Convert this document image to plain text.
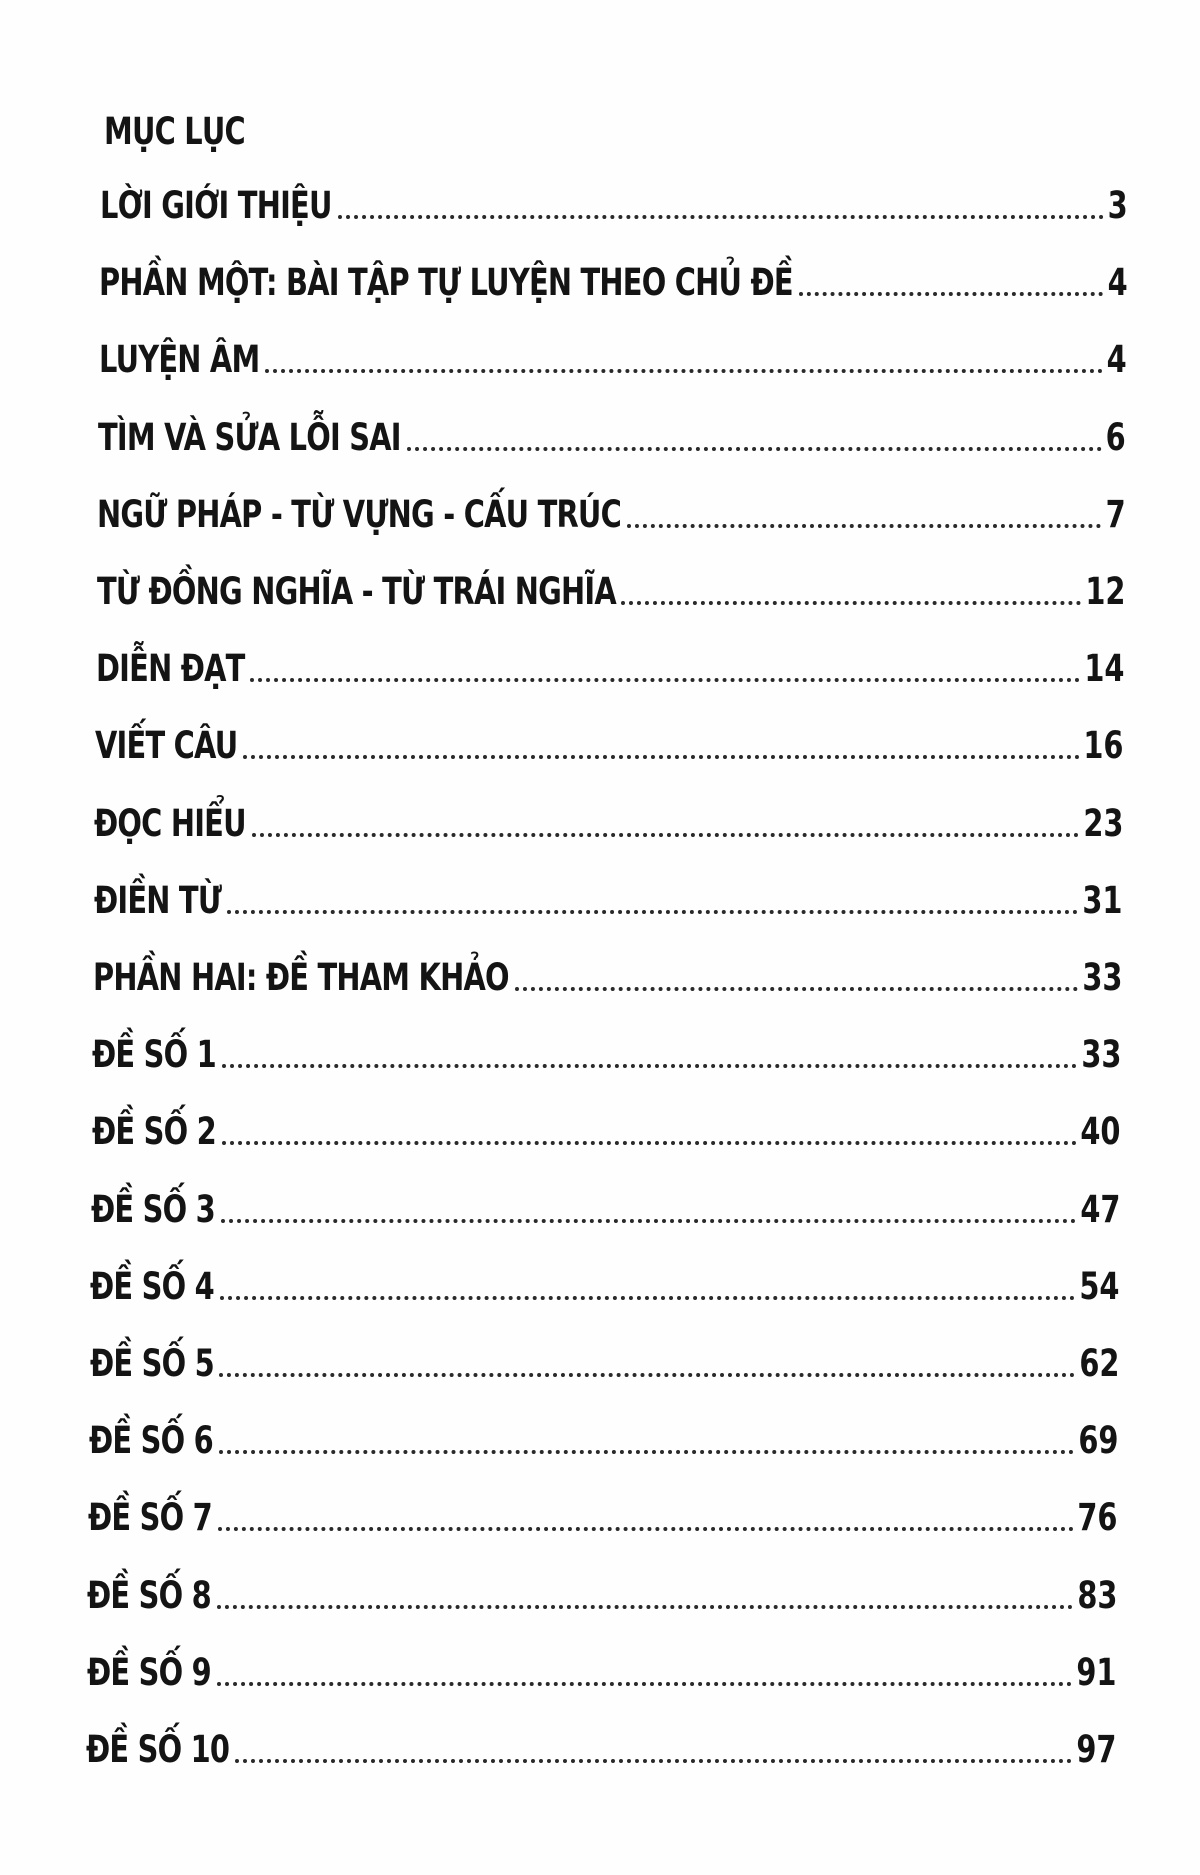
MỤC LỤC
LỜI GIỚI THIỆU	3
PHẦN MỘT: BÀI TẬP TỰ LUYỆN THEO CHỦ ĐỀ	4
LUYỆN ÂM	4
TÌM VÀ SỬA LỖI SAI	6
NGỮ PHÁP - TỪ VỰNG - CẤU TRÚC	7
TỪ ĐỒNG NGHĨA - TỪ TRÁI NGHĨA	12
DIỄN ĐẠT	14
VIẾT CÂU	16
ĐỌC HIỂU	23
ĐIỀN TỪ	31
PHẦN HAI: ĐỀ THAM KHẢO	33
ĐỀ SỐ 1	33
ĐỀ SỐ 2	40
ĐỀ SỐ 3	47
ĐỀ SỐ 4	54
ĐỀ SỐ 5	62
ĐỀ SỐ 6	69
ĐỀ SỐ 7	76
ĐỀ SỐ 8	83
ĐỀ SỐ 9	91
ĐỀ SỐ 10	97
